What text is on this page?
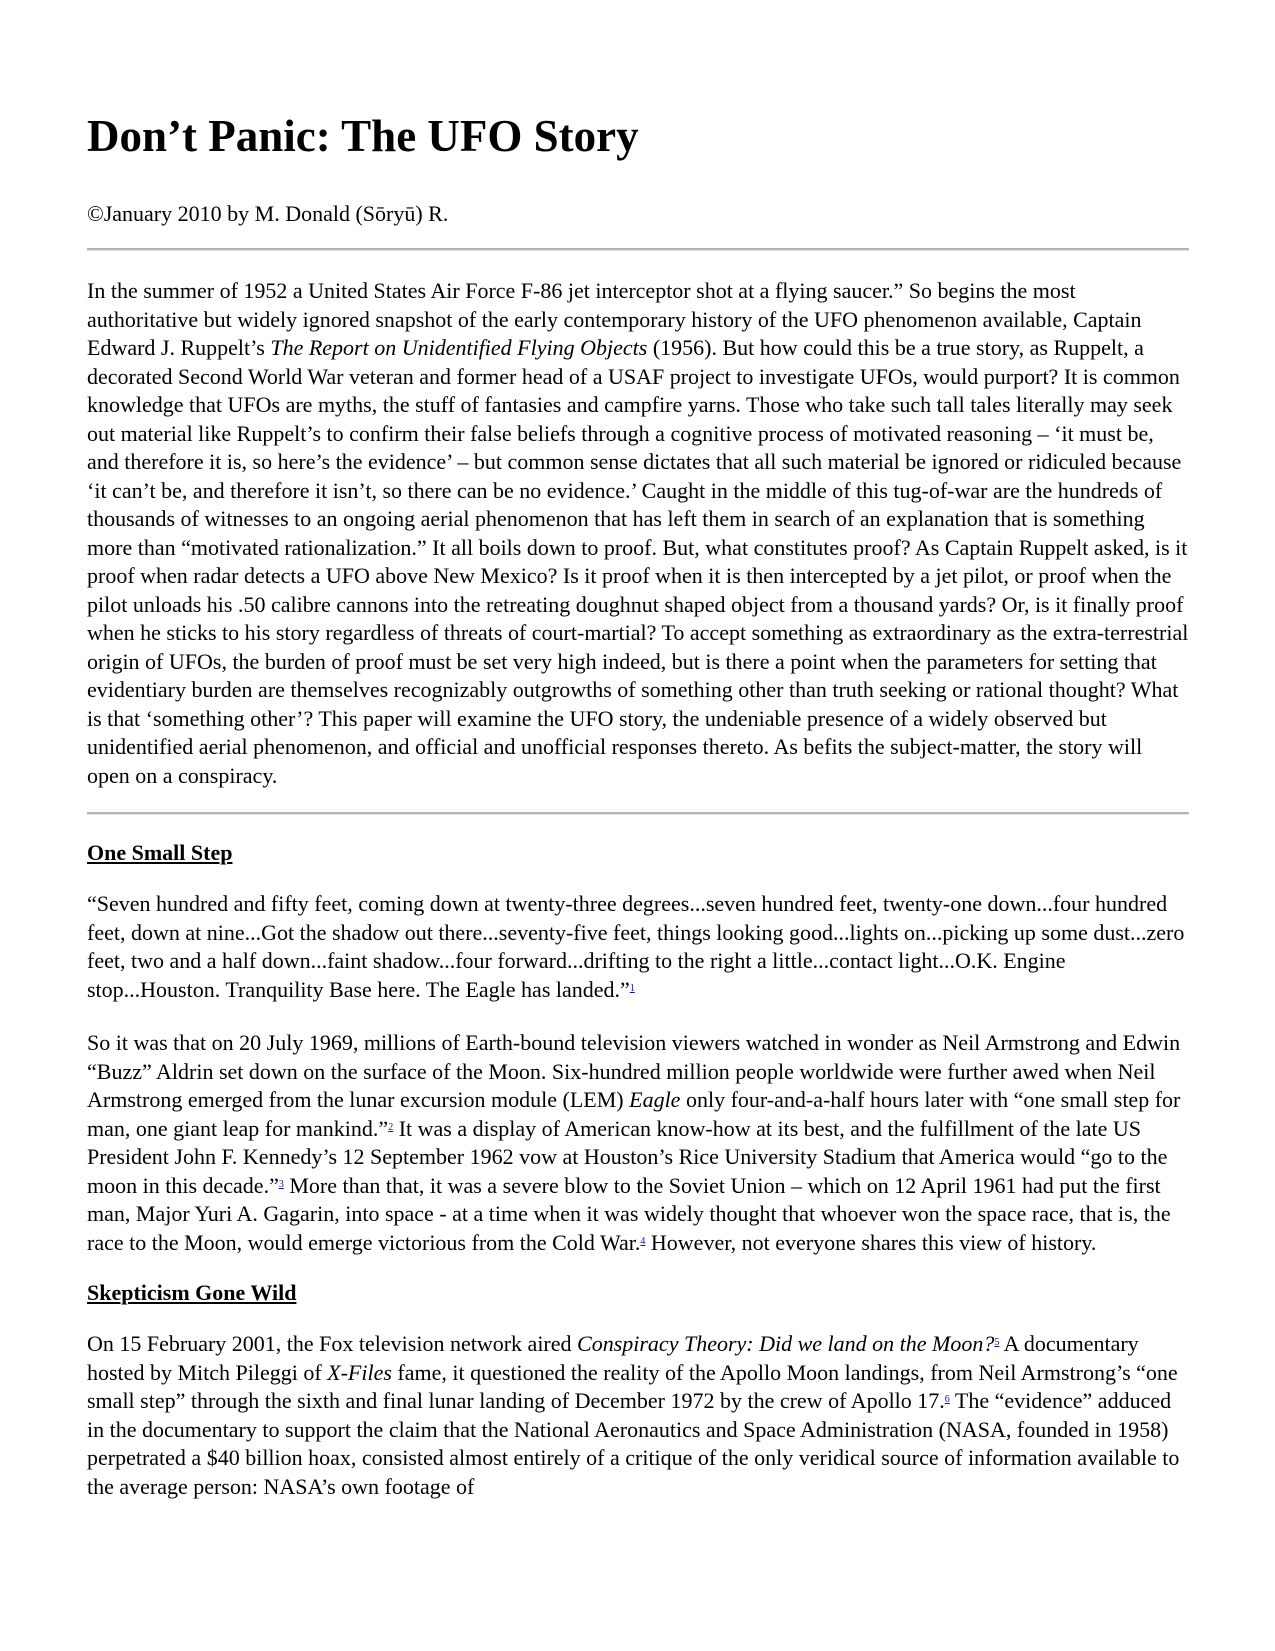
Don’t Panic: The UFO Story
©January 2010 by M. Donald (Sōryū) R.

In the summer of 1952 a United States Air Force F-86 jet interceptor shot at a flying saucer.” So begins the most authoritative but widely ignored snapshot of the early contemporary history of the UFO phenomenon available, Captain Edward J. Ruppelt’s The Report on Unidentified Flying Objects (1956). But how could this be a true story, as Ruppelt, a decorated Second World War veteran and former head of a USAF project to investigate UFOs, would purport? It is common knowledge that UFOs are myths, the stuff of fantasies and campfire yarns. Those who take such tall tales literally may seek out material like Ruppelt’s to confirm their false beliefs through a cognitive process of motivated reasoning – ‘it must be, and therefore it is, so here’s the evidence’ – but common sense dictates that all such material be ignored or ridiculed because ‘it can’t be, and therefore it isn’t, so there can be no evidence.’ Caught in the middle of this tug-of-war are the hundreds of thousands of witnesses to an ongoing aerial phenomenon that has left them in search of an explanation that is something more than “motivated rationalization.” It all boils down to proof. But, what constitutes proof? As Captain Ruppelt asked, is it proof when radar detects a UFO above New Mexico? Is it proof when it is then intercepted by a jet pilot, or proof when the pilot unloads his .50 calibre cannons into the retreating doughnut shaped object from a thousand yards? Or, is it finally proof when he sticks to his story regardless of threats of court-martial? To accept something as extraordinary as the extra-terrestrial origin of UFOs, the burden of proof must be set very high indeed, but is there a point when the parameters for setting that evidentiary burden are themselves recognizably outgrowths of something other than truth seeking or rational thought? What is that ‘something other’? This paper will examine the UFO story, the undeniable presence of a widely observed but unidentified aerial phenomenon, and official and unofficial responses thereto. As befits the subject-matter, the story will open on a conspiracy.

One Small Step

“Seven hundred and fifty feet, coming down at twenty-three degrees...seven hundred feet, twenty-one down...four hundred feet, down at nine...Got the shadow out there...seventy-five feet, things looking good...lights on...picking up some dust...zero feet, two and a half down...faint shadow...four forward...drifting to the right a little...contact light...O.K. Engine stop...Houston. Tranquility Base here. The Eagle has landed.”$^1$

So it was that on 20 July 1969, millions of Earth-bound television viewers watched in wonder as Neil Armstrong and Edwin “Buzz” Aldrin set down on the surface of the Moon. Six-hundred million people worldwide were further awed when Neil Armstrong emerged from the lunar excursion module (LEM) Eagle only four-and-a-half hours later with “one small step for man, one giant leap for mankind.”$^2$ It was a display of American know-how at its best, and the fulfillment of the late US President John F. Kennedy’s 12 September 1962 vow at Houston’s Rice University Stadium that America would “go to the moon in this decade.”$^3$ More than that, it was a severe blow to the Soviet Union – which on 12 April 1961 had put the first man, Major Yuri A. Gagarin, into space - at a time when it was widely thought that whoever won the space race, that is, the race to the Moon, would emerge victorious from the Cold War.$^4$ However, not everyone shares this view of history.

Skepticism Gone Wild

On 15 February 2001, the Fox television network aired Conspiracy Theory: Did we land on the Moon?$^5$ A documentary hosted by Mitch Pileggi of X-Files fame, it questioned the reality of the Apollo Moon landings, from Neil Armstrong’s “one small step” through the sixth and final lunar landing of December 1972 by the crew of Apollo 17.$^6$ The “evidence” adduced in the documentary to support the claim that the National Aeronautics and Space Administration (NASA, founded in 1958) perpetrated a $40 billion hoax, consisted almost entirely of a critique of the only veridical source of information available to the average person: NASA’s own footage of
